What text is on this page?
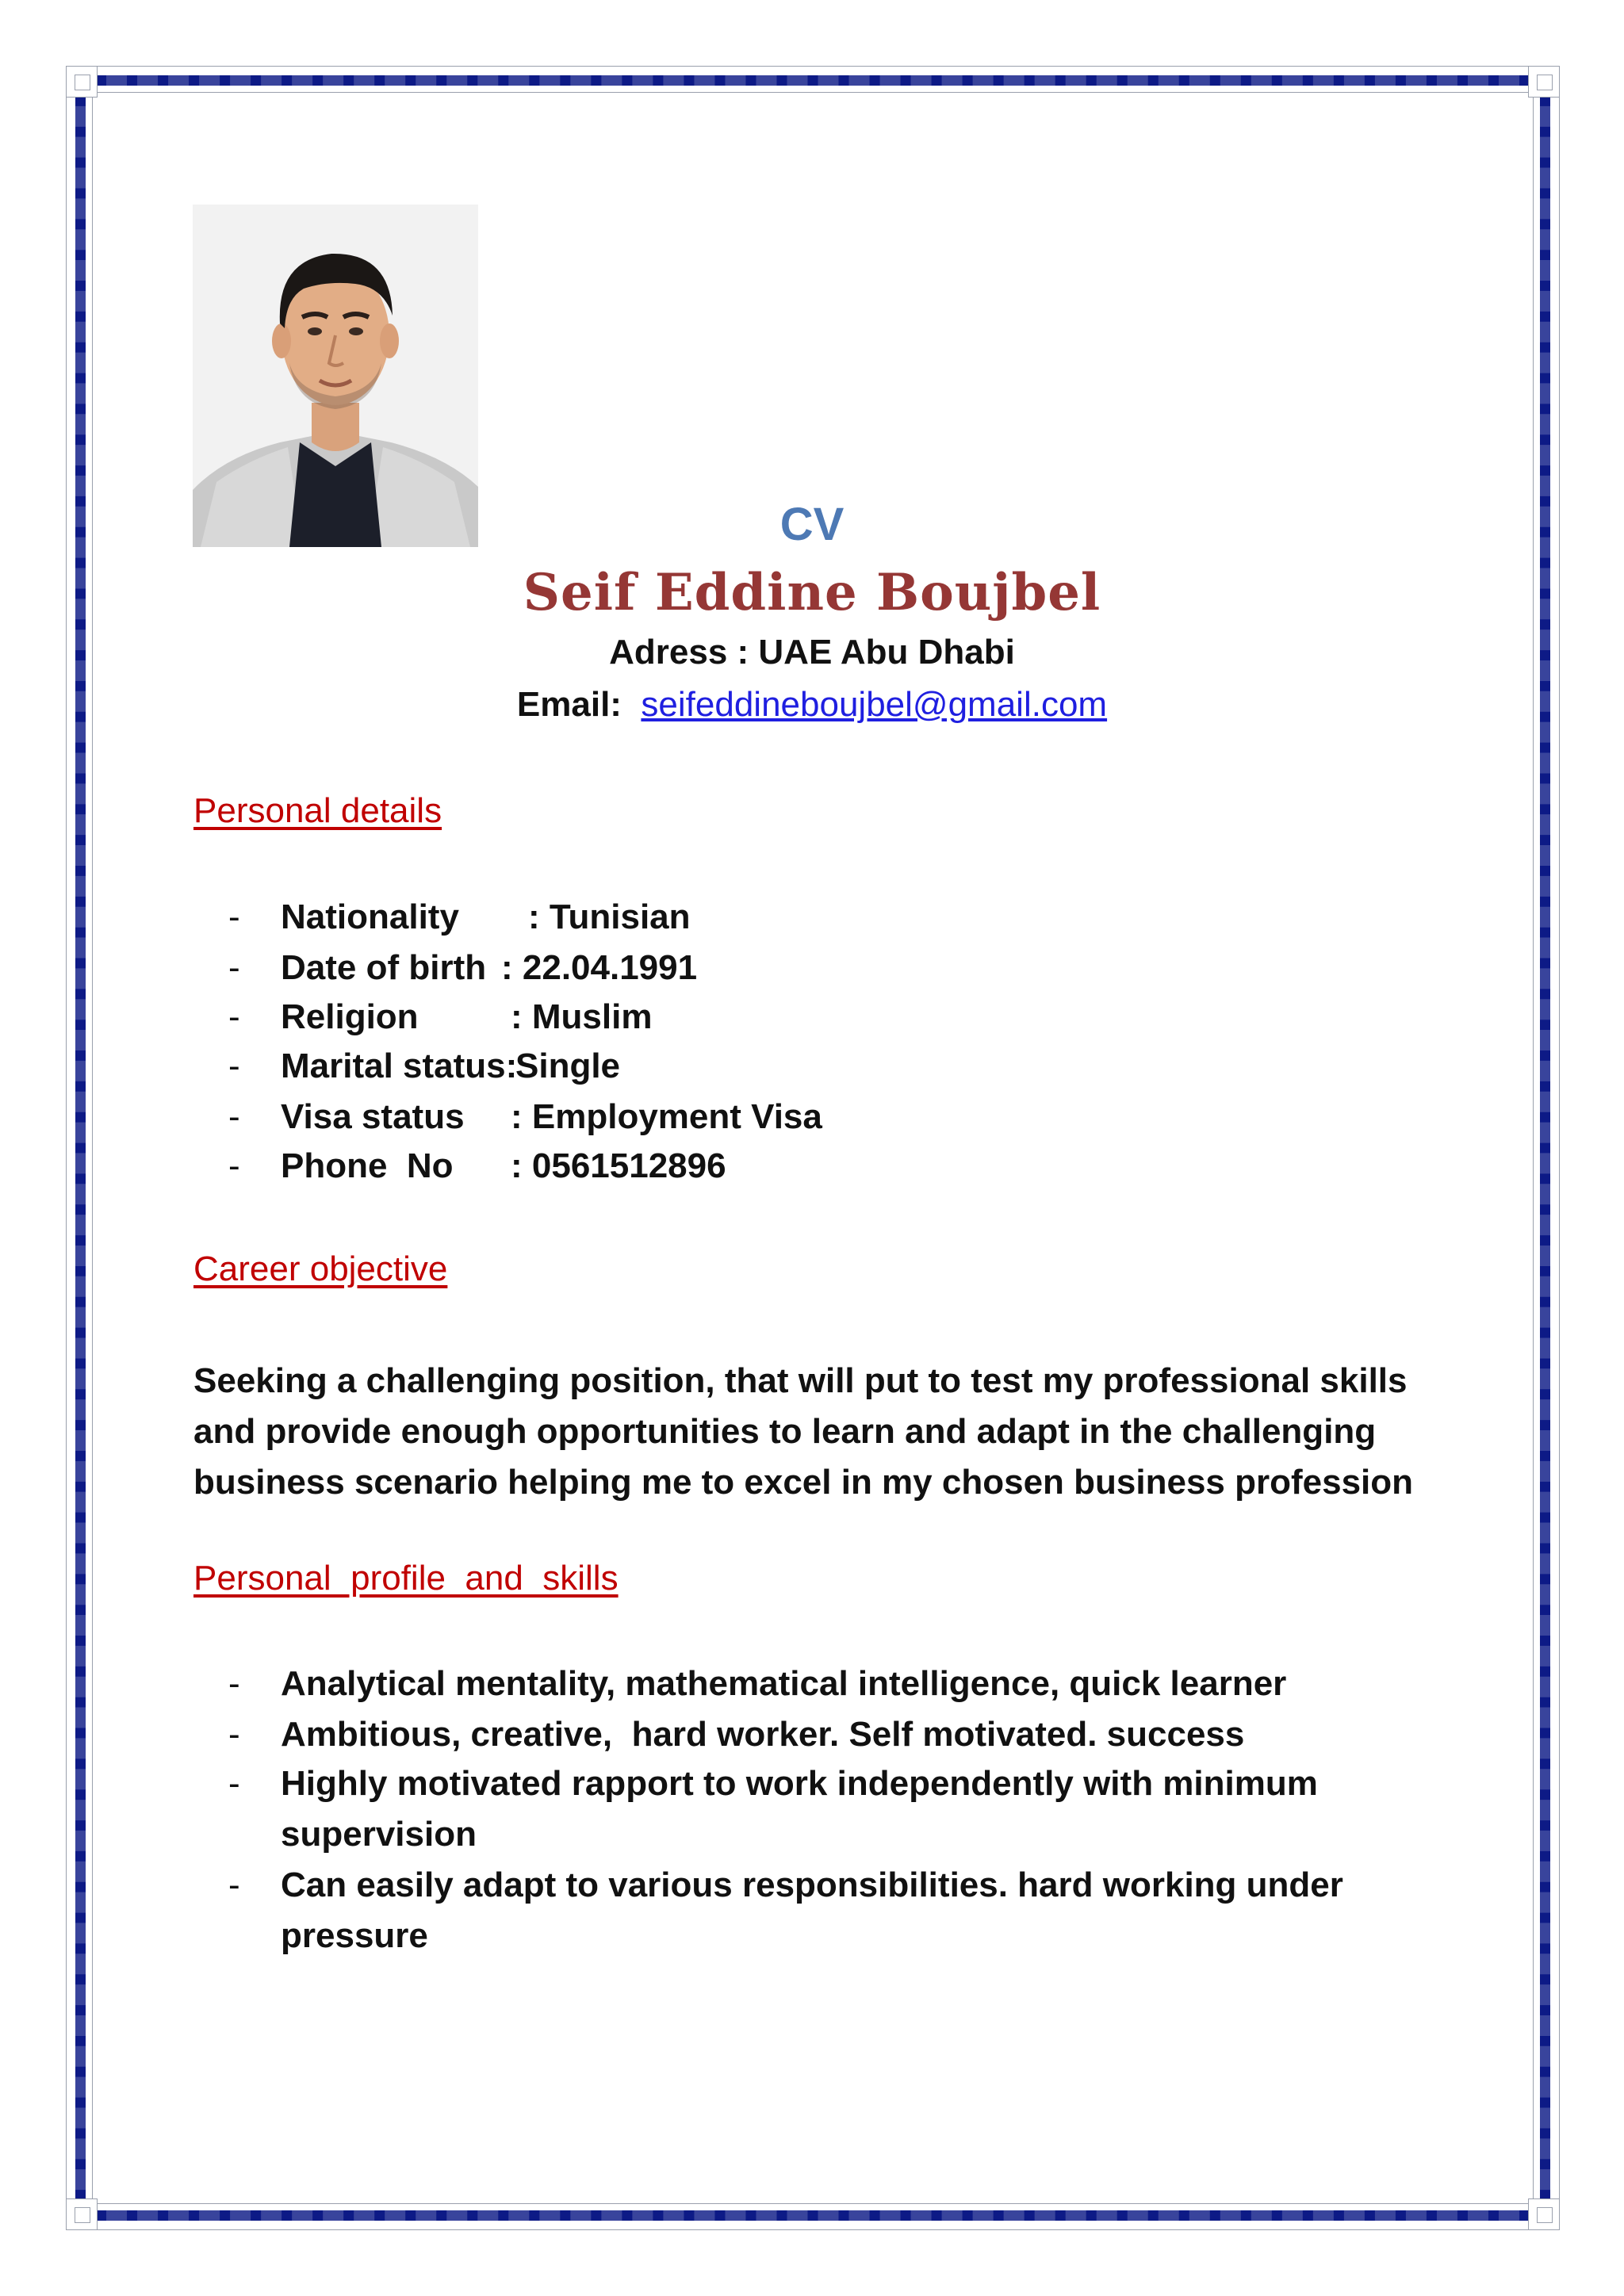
CV
Seif Eddine Boujbel
Adress : UAE Abu Dhabi
Email: seifeddineboujbel@gmail.com
Personal details
- Nationality : Tunisian
- Date of birth : 22.04.1991
- Religion	: Muslim
- Marital status:
Single
- Visa status : Employment Visa
- Phone  No : 0561512896
Career objective
Seeking a challenging position, that will put to test my professional skills
and provide enough opportunities to learn and adapt in the challenging
business scenario helping me to excel in my chosen business profession
Personal  profile  and  skills
- Analytical mentality, mathematical intelligence, quick learner
- Ambitious, creative,  hard worker. Self motivated. success
- Highly motivated rapport to work independently with minimum supervision
- Can easily adapt to various responsibilities. hard working under pressure
